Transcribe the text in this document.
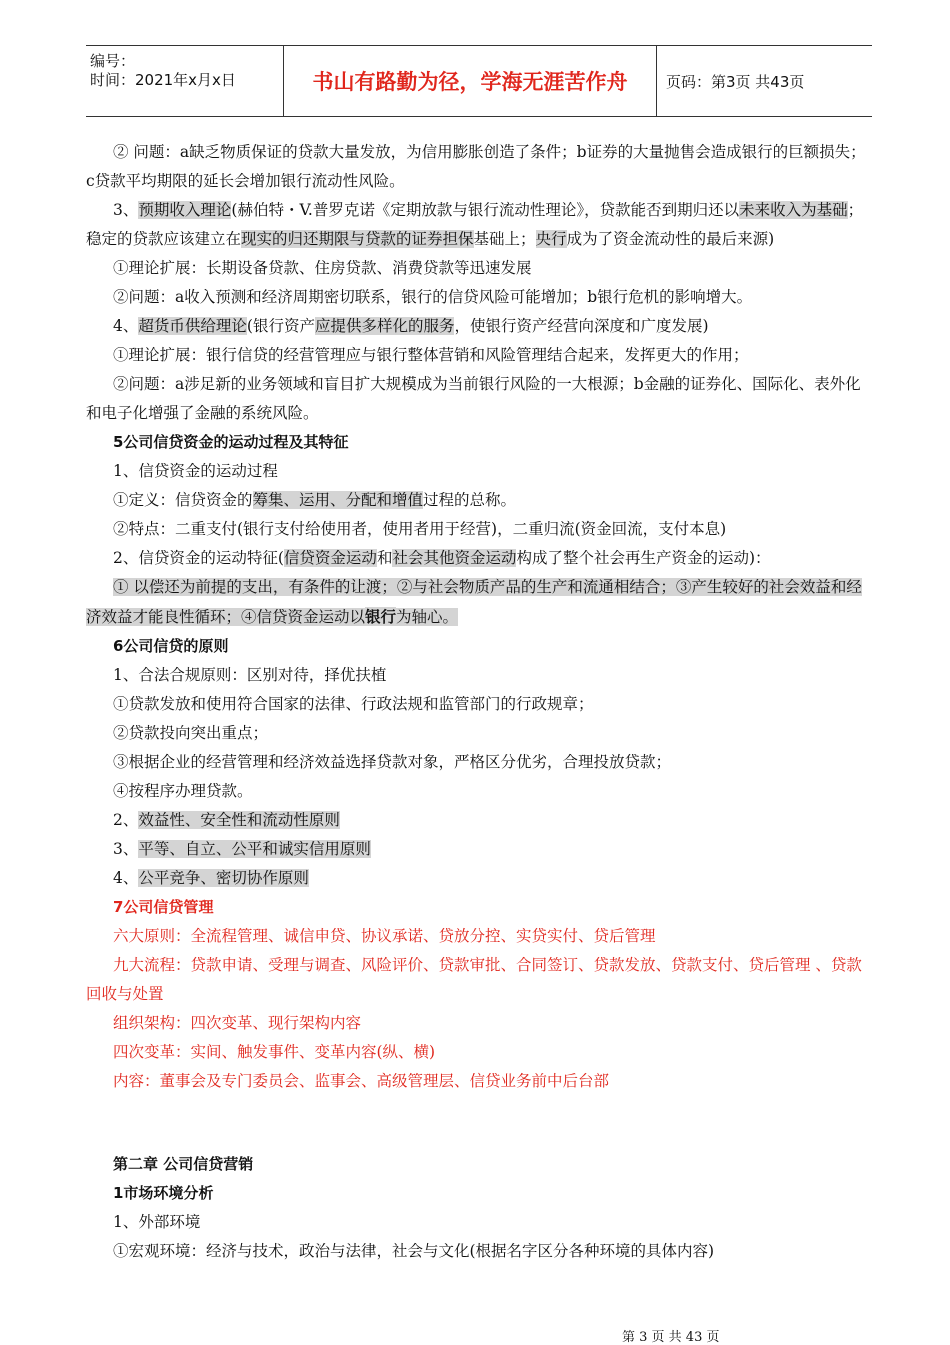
编号：
时间：2021年x月x日	书山有路勤为径，学海无涯苦作舟	页码：第3页 共43页

② 问题：a缺乏物质保证的贷款大量发放，为信用膨胀创造了条件；b证券的大量抛售会造成银行的巨额损失；c贷款平均期限的延长会增加银行流动性风险。

3、预期收入理论(赫伯特・V.普罗克诺《定期放款与银行流动性理论》，贷款能否到期归还以未来收入为基础；稳定的贷款应该建立在现实的归还期限与贷款的证券担保基础上；央行成为了资金流动性的最后来源)

①理论扩展：长期设备贷款、住房贷款、消费贷款等迅速发展

②问题：a收入预测和经济周期密切联系，银行的信贷风险可能增加；b银行危机的影响增大。

4、超货币供给理论(银行资产应提供多样化的服务，使银行资产经营向深度和广度发展)

①理论扩展：银行信贷的经营管理应与银行整体营销和风险管理结合起来，发挥更大的作用；

②问题：a涉足新的业务领域和盲目扩大规模成为当前银行风险的一大根源；b金融的证券化、国际化、表外化和电子化增强了金融的系统风险。

5公司信贷资金的运动过程及其特征

1、信贷资金的运动过程

①定义：信贷资金的筹集、运用、分配和增值过程的总称。

②特点：二重支付(银行支付给使用者，使用者用于经营)，二重归流(资金回流，支付本息)

2、信贷资金的运动特征(信贷资金运动和社会其他资金运动构成了整个社会再生产资金的运动)：

① 以偿还为前提的支出，有条件的让渡；②与社会物质产品的生产和流通相结合；③产生较好的社会效益和经济效益才能良性循环；④信贷资金运动以银行为轴心。

6公司信贷的原则

1、合法合规原则：区别对待，择优扶植

①贷款发放和使用符合国家的法律、行政法规和监管部门的行政规章；

②贷款投向突出重点；

③根据企业的经营管理和经济效益选择贷款对象，严格区分优劣，合理投放贷款；

④按程序办理贷款。

2、效益性、安全性和流动性原则

3、平等、自立、公平和诚实信用原则

4、公平竞争、密切协作原则

7公司信贷管理

六大原则：全流程管理、诚信申贷、协议承诺、贷放分控、实贷实付、贷后管理

九大流程：贷款申请、受理与调查、风险评价、贷款审批、合同签订、贷款发放、贷款支付、贷后管理 、贷款回收与处置

组织架构：四次变革、现行架构内容

四次变革：实间、触发事件、变革内容(纵、横)

内容：董事会及专门委员会、监事会、高级管理层、信贷业务前中后台部

第二章 公司信贷营销

1市场环境分析

1、外部环境

①宏观环境：经济与技术，政治与法律，社会与文化(根据名字区分各种环境的具体内容)

第 3 页 共 43 页
